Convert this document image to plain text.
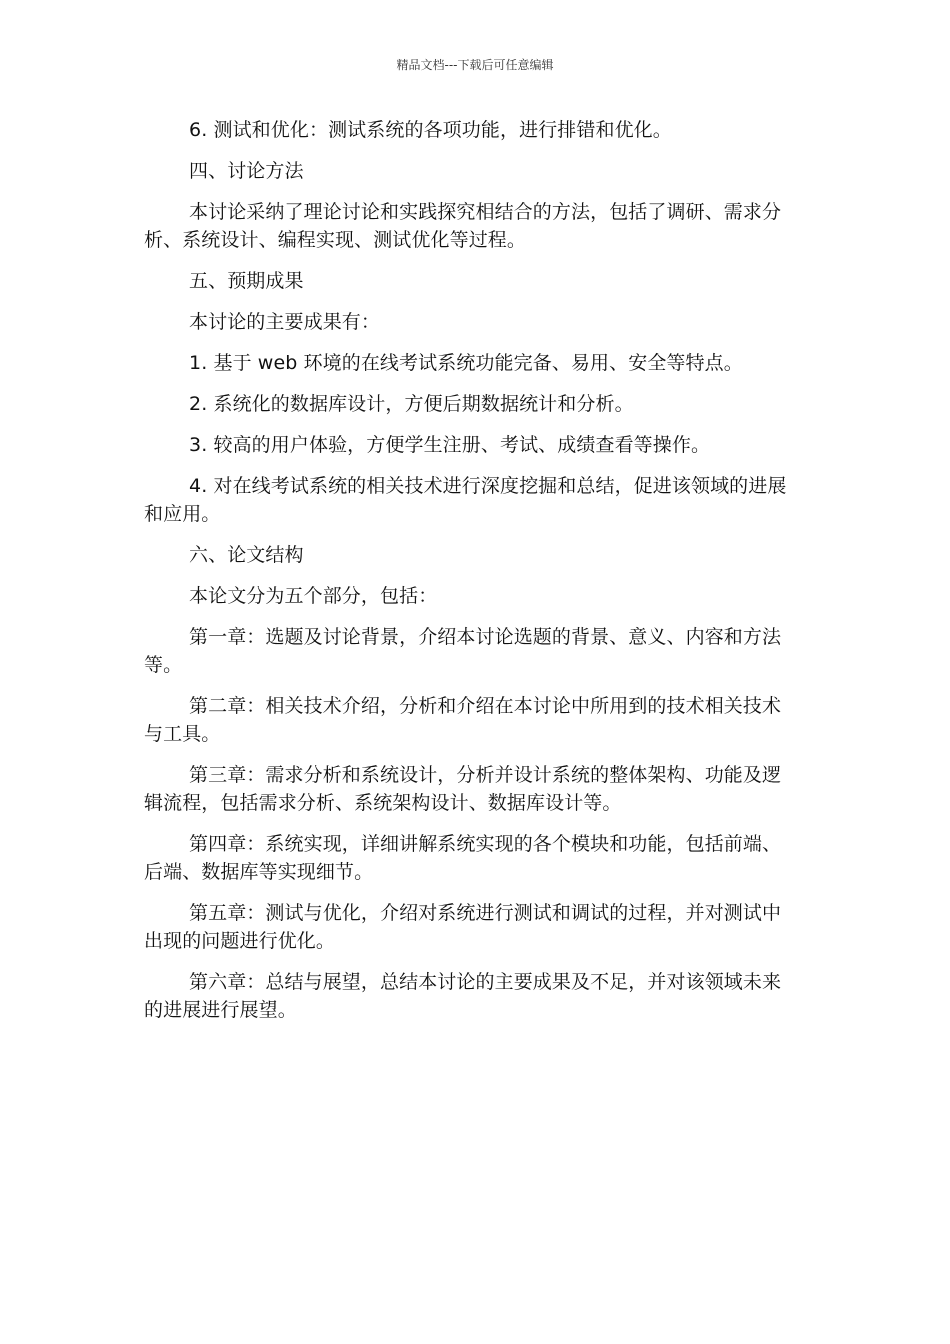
精品文档---下载后可任意编辑

6. 测试和优化：测试系统的各项功能，进行排错和优化。

四、讨论方法

本讨论采纳了理论讨论和实践探究相结合的方法，包括了调研、需求分析、系统设计、编程实现、测试优化等过程。

五、预期成果

本讨论的主要成果有：

1. 基于 web 环境的在线考试系统功能完备、易用、安全等特点。

2. 系统化的数据库设计，方便后期数据统计和分析。

3. 较高的用户体验，方便学生注册、考试、成绩查看等操作。

4. 对在线考试系统的相关技术进行深度挖掘和总结，促进该领域的进展和应用。

六、论文结构

本论文分为五个部分，包括：

第一章：选题及讨论背景，介绍本讨论选题的背景、意义、内容和方法等。

第二章：相关技术介绍，分析和介绍在本讨论中所用到的技术相关技术与工具。

第三章：需求分析和系统设计，分析并设计系统的整体架构、功能及逻辑流程，包括需求分析、系统架构设计、数据库设计等。

第四章：系统实现，详细讲解系统实现的各个模块和功能，包括前端、后端、数据库等实现细节。

第五章：测试与优化，介绍对系统进行测试和调试的过程，并对测试中出现的问题进行优化。

第六章：总结与展望，总结本讨论的主要成果及不足，并对该领域未来的进展进行展望。
